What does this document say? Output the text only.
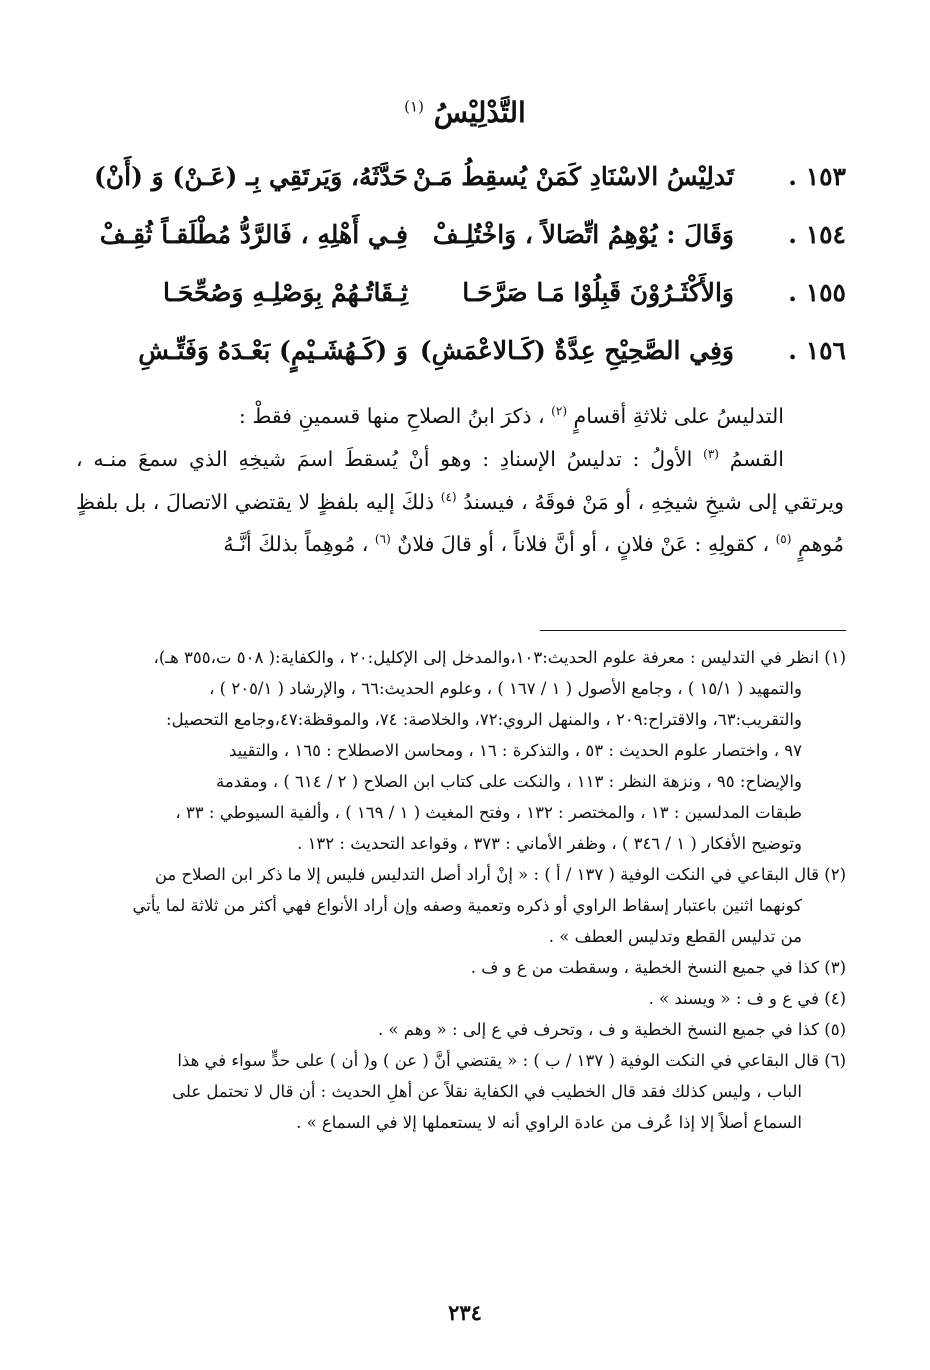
التَّدْلِيْسُ $^{(١)}$
١٥٣ .
تَدلِيْسُ الاسْنَادِ كَمَنْ يُسقِطُ مَـنْ
حَدَّثَهُ، وَيَرتَقِي بِـ (عَـنْ) وَ (أَنْ)
١٥٤ .
وَقَالَ : يُوْهِمُ اتِّصَالاً ، وَاخْتُلِـفْ
فِـي أَهْلِهِ ، فَالرَّدُّ مُطْلَقـاً ثُقِـفْ
١٥٥ .
وَالأَكْثَـرُوْنَ قَبِلُوْا مَـا صَرَّحَـا
ثِـقَاتُـهُمْ بِوَصْلِـهِ وَصُحِّحَـا
١٥٦ .
وَفِي الصَّحِيْحِ عِدَّةٌ (كَـالاعْمَشِ)
وَ (كَـهُشَـيْمٍ) بَعْـدَهُ وَفَتِّـشِ

التدليسُ على ثلاثةِ أقسامٍ $^{(٢)}$ ، ذكرَ ابنُ الصلاحِ منها قسمينِ فقطْ :

القسمُ $^{(٣)}$ الأولُ : تدليسُ الإسنادِ : وهو أنْ يُسقطَ اسمَ شيخِهِ الذي سمعَ منـه ، ويرتقي إلى شيخِ شيخِهِ ، أو مَنْ فوقَهُ ، فيسندُ $^{(٤)}$ ذلكَ إليه بلفظٍ لا يقتضي الاتصالَ ، بل بلفظٍ مُوهمٍ $^{(٥)}$ ، كقولِهِ : عَنْ فلانٍ ، أو أنَّ فلاناً ، أو قالَ فلانٌ $^{(٦)}$ ، مُوهِماً بذلكَ أنَّـهُ

(١) انظر في التدليس : معرفة علوم الحديث:١٠٣،والمدخل إلى الإكليل:٢٠ ، والكفاية:( ٥٠٨ ت،٣٥٥ هـ)،
والتمهيد ( ١٥/١ ) ، وجامع الأصول ( ١ / ١٦٧ ) ، وعلوم الحديث:٦٦ ، والإرشاد ( ٢٠٥/١ ) ،
والتقريب:٦٣، والاقتراح:٢٠٩ ، والمنهل الروي:٧٢، والخلاصة: ٧٤، والموقظة:٤٧،وجامع التحصيل:
٩٧ ، واختصار علوم الحديث : ٥٣ ، والتذكرة : ١٦ ، ومحاسن الاصطلاح : ١٦٥ ، والتقييد
والإيضاح: ٩٥ ، ونزهة النظر : ١١٣ ، والنكت على كتاب ابن الصلاح ( ٢ / ٦١٤ ) ، ومقدمة
طبقات المدلسين : ١٣ ، والمختصر : ١٣٢ ، وفتح المغيث ( ١ / ١٦٩ ) ، وألفية السيوطي : ٣٣ ،
وتوضيح الأفكار ( ١ / ٣٤٦ ) ، وظفر الأماني : ٣٧٣ ، وقواعد التحديث : ١٣٢ .

(٢) قال البقاعي في النكت الوفية ( ١٣٧ / أ ) : « إنْ أراد أصل التدليس فليس إلا ما ذكر ابن الصلاح من
كونهما اثنين باعتبار إسقاط الراوي أو ذكره وتعمية وصفه وإن أراد الأنواع فهي أكثر من ثلاثة لما يأتي
من تدليس القطع وتدليس العطف » .

(٣) كذا في جميع النسخ الخطية ، وسقطت من ع و ف .

(٤) في ع و ف : « ويسند » .

(٥) كذا في جميع النسخ الخطية و ف ، وتحرف في ع إلى : « وهم » .

(٦) قال البقاعي في النكت الوفية ( ١٣٧ / ب ) : « يقتضي أنَّ ( عن ) و( أن ) على حدٍّ سواء في هذا
الباب ، وليس كذلك فقد قال الخطيب في الكفاية نقلاً عن أهلِ الحديث : أن قال لا تحتمل على
السماع أصلاً إلا إذا عُرف من عادة الراوي أنه لا يستعملها إلا في السماع » .

٢٣٤
